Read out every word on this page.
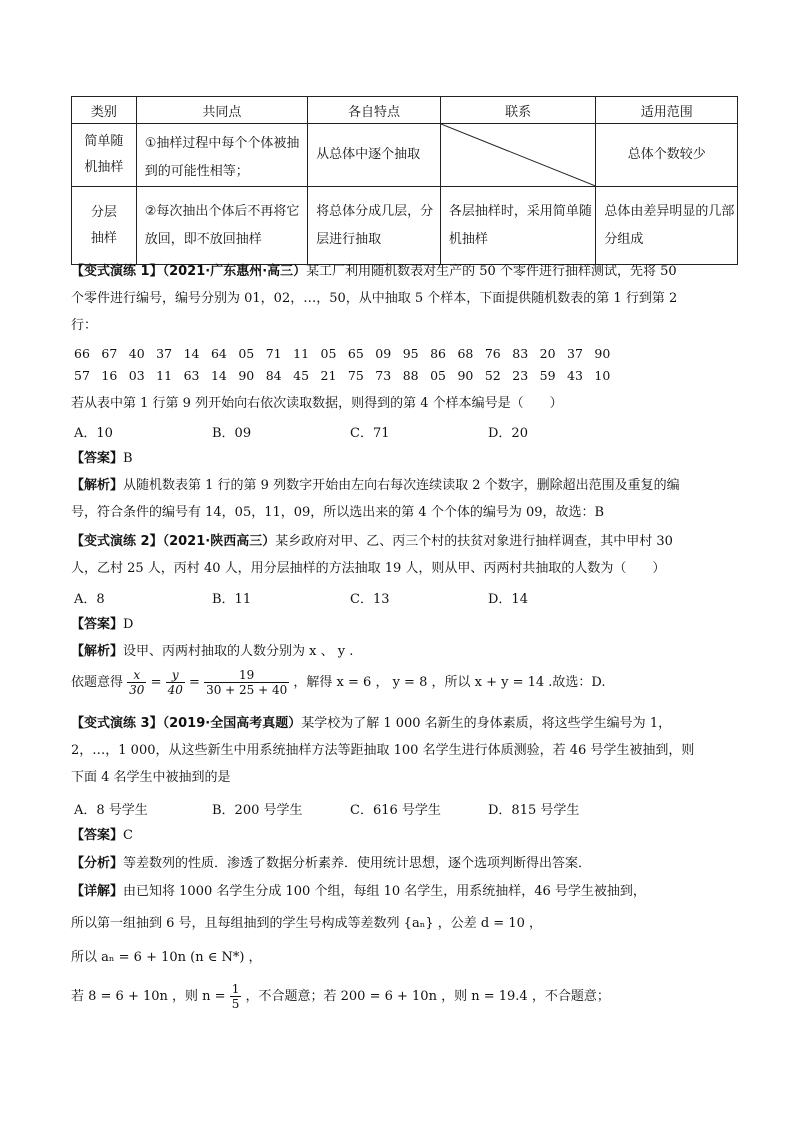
类别	共同点	各自特点	联系	适用范围
简单随机抽样	①抽样过程中每个个体被抽到的可能性相等；	从总体中逐个抽取		总体个数较少
分层抽样	②每次抽出个体后不再将它放回，即不放回抽样	将总体分成几层，分层进行抽取	各层抽样时，采用简单随机抽样	总体由差异明显的几部分组成
【变式演练 1】（2021·广东惠州·高三）某工厂利用随机数表对生产的 50 个零件进行抽样测试，先将 50
个零件进行编号，编号分别为 01，02，…，50，从中抽取 5 个样本，下面提供随机数表的第 1 行到第 2
行：
66 67 40 37 14 64 05 71 11 05 65 09 95 86 68 76 83 20 37 90
57 16 03 11 63 14 90 84 45 21 75 73 88 05 90 52 23 59 43 10
若从表中第 1 行第 9 列开始向右依次读取数据，则得到的第 4 个样本编号是（　　）
A．10	B．09	C．71	D．20
【答案】B
【解析】从随机数表第 1 行的第 9 列数字开始由左向右每次连续读取 2 个数字，删除超出范围及重复的编
号，符合条件的编号有 14，05，11，09，所以选出来的第 4 个个体的编号为 09，故选：B
【变式演练 2】（2021·陕西高三）某乡政府对甲、乙、丙三个村的扶贫对象进行抽样调查，其中甲村 30
人，乙村 25 人，丙村 40 人，用分层抽样的方法抽取 19 人，则从甲、丙两村共抽取的人数为（　　）
A．8	B．11	C．13	D．14
【答案】D
【解析】设甲、丙两村抽取的人数分别为 x 、 y .
依题意得 $\frac{x}{30} = \frac{y}{40} = \frac{19}{30 + 25 + 40}$ ，解得 x = 6 ， y = 8 ，所以 x + y = 14 .故选：D.
【变式演练 3】（2019·全国高考真题）某学校为了解 1 000 名新生的身体素质，将这些学生编号为 1，
2，…，1 000，从这些新生中用系统抽样方法等距抽取 100 名学生进行体质测验，若 46 号学生被抽到，则
下面 4 名学生中被抽到的是
A．8 号学生	B．200 号学生	C．616 号学生	D．815 号学生
【答案】C
【分析】等差数列的性质．渗透了数据分析素养．使用统计思想，逐个选项判断得出答案．
【详解】由已知将 1000 名学生分成 100 个组，每组 10 名学生，用系统抽样，46 号学生被抽到，
所以第一组抽到 6 号，且每组抽到的学生号构成等差数列 {aₙ} ，公差 d = 10 ，
所以 aₙ = 6 + 10n (n ∈ N*) ，
若 8 = 6 + 10n ，则 $n = \frac{1}{5}$ ，不合题意；若 200 = 6 + 10n ，则 n = 19.4 ，不合题意；
